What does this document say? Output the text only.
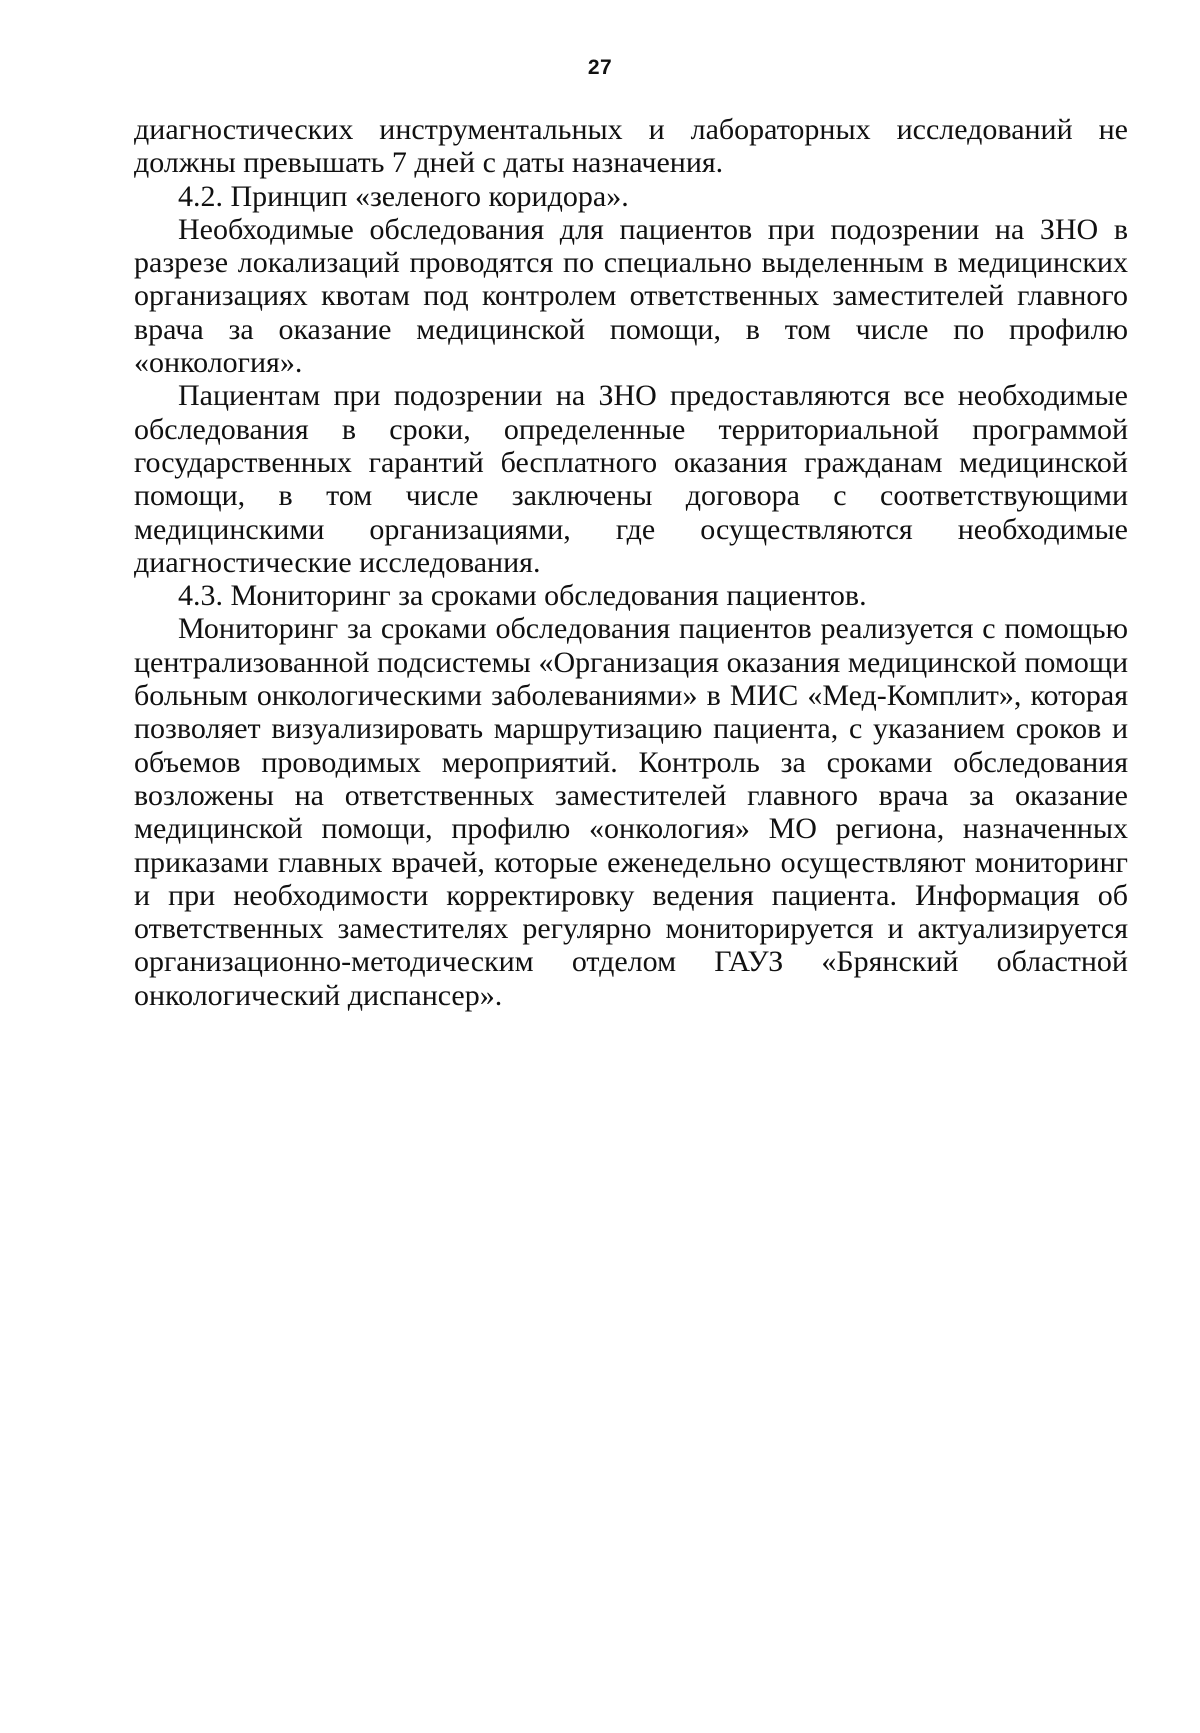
27

диагностических инструментальных и лабораторных исследований не должны превышать 7 дней с даты назначения.

4.2. Принцип «зеленого коридора».

Необходимые обследования для пациентов при подозрении на ЗНО в разрезе локализаций проводятся по специально выделенным в медицинских организациях квотам под контролем ответственных заместителей главного врача за оказание медицинской помощи, в том числе по профилю «онкология».

Пациентам при подозрении на ЗНО предоставляются все необходимые обследования в сроки, определенные территориальной программой государственных гарантий бесплатного оказания гражданам медицинской помощи, в том числе заключены договора с соответствующими медицинскими организациями, где осуществляются необходимые диагностические исследования.

4.3. Мониторинг за сроками обследования пациентов.

Мониторинг за сроками обследования пациентов реализуется с помощью централизованной подсистемы «Организация оказания медицинской помощи больным онкологическими заболеваниями» в МИС «Мед-Комплит», которая позволяет визуализировать маршрутизацию пациента, с указанием сроков и объемов проводимых мероприятий. Контроль за сроками обследования возложены на ответственных заместителей главного врача за оказание медицинской помощи, профилю «онкология» МО региона, назначенных приказами главных врачей, которые еженедельно осуществляют мониторинг и при необходимости корректировку ведения пациента. Информация об ответственных заместителях регулярно мониторируется и актуализируется организационно-методическим отделом ГАУЗ «Брянский областной онкологический диспансер».
